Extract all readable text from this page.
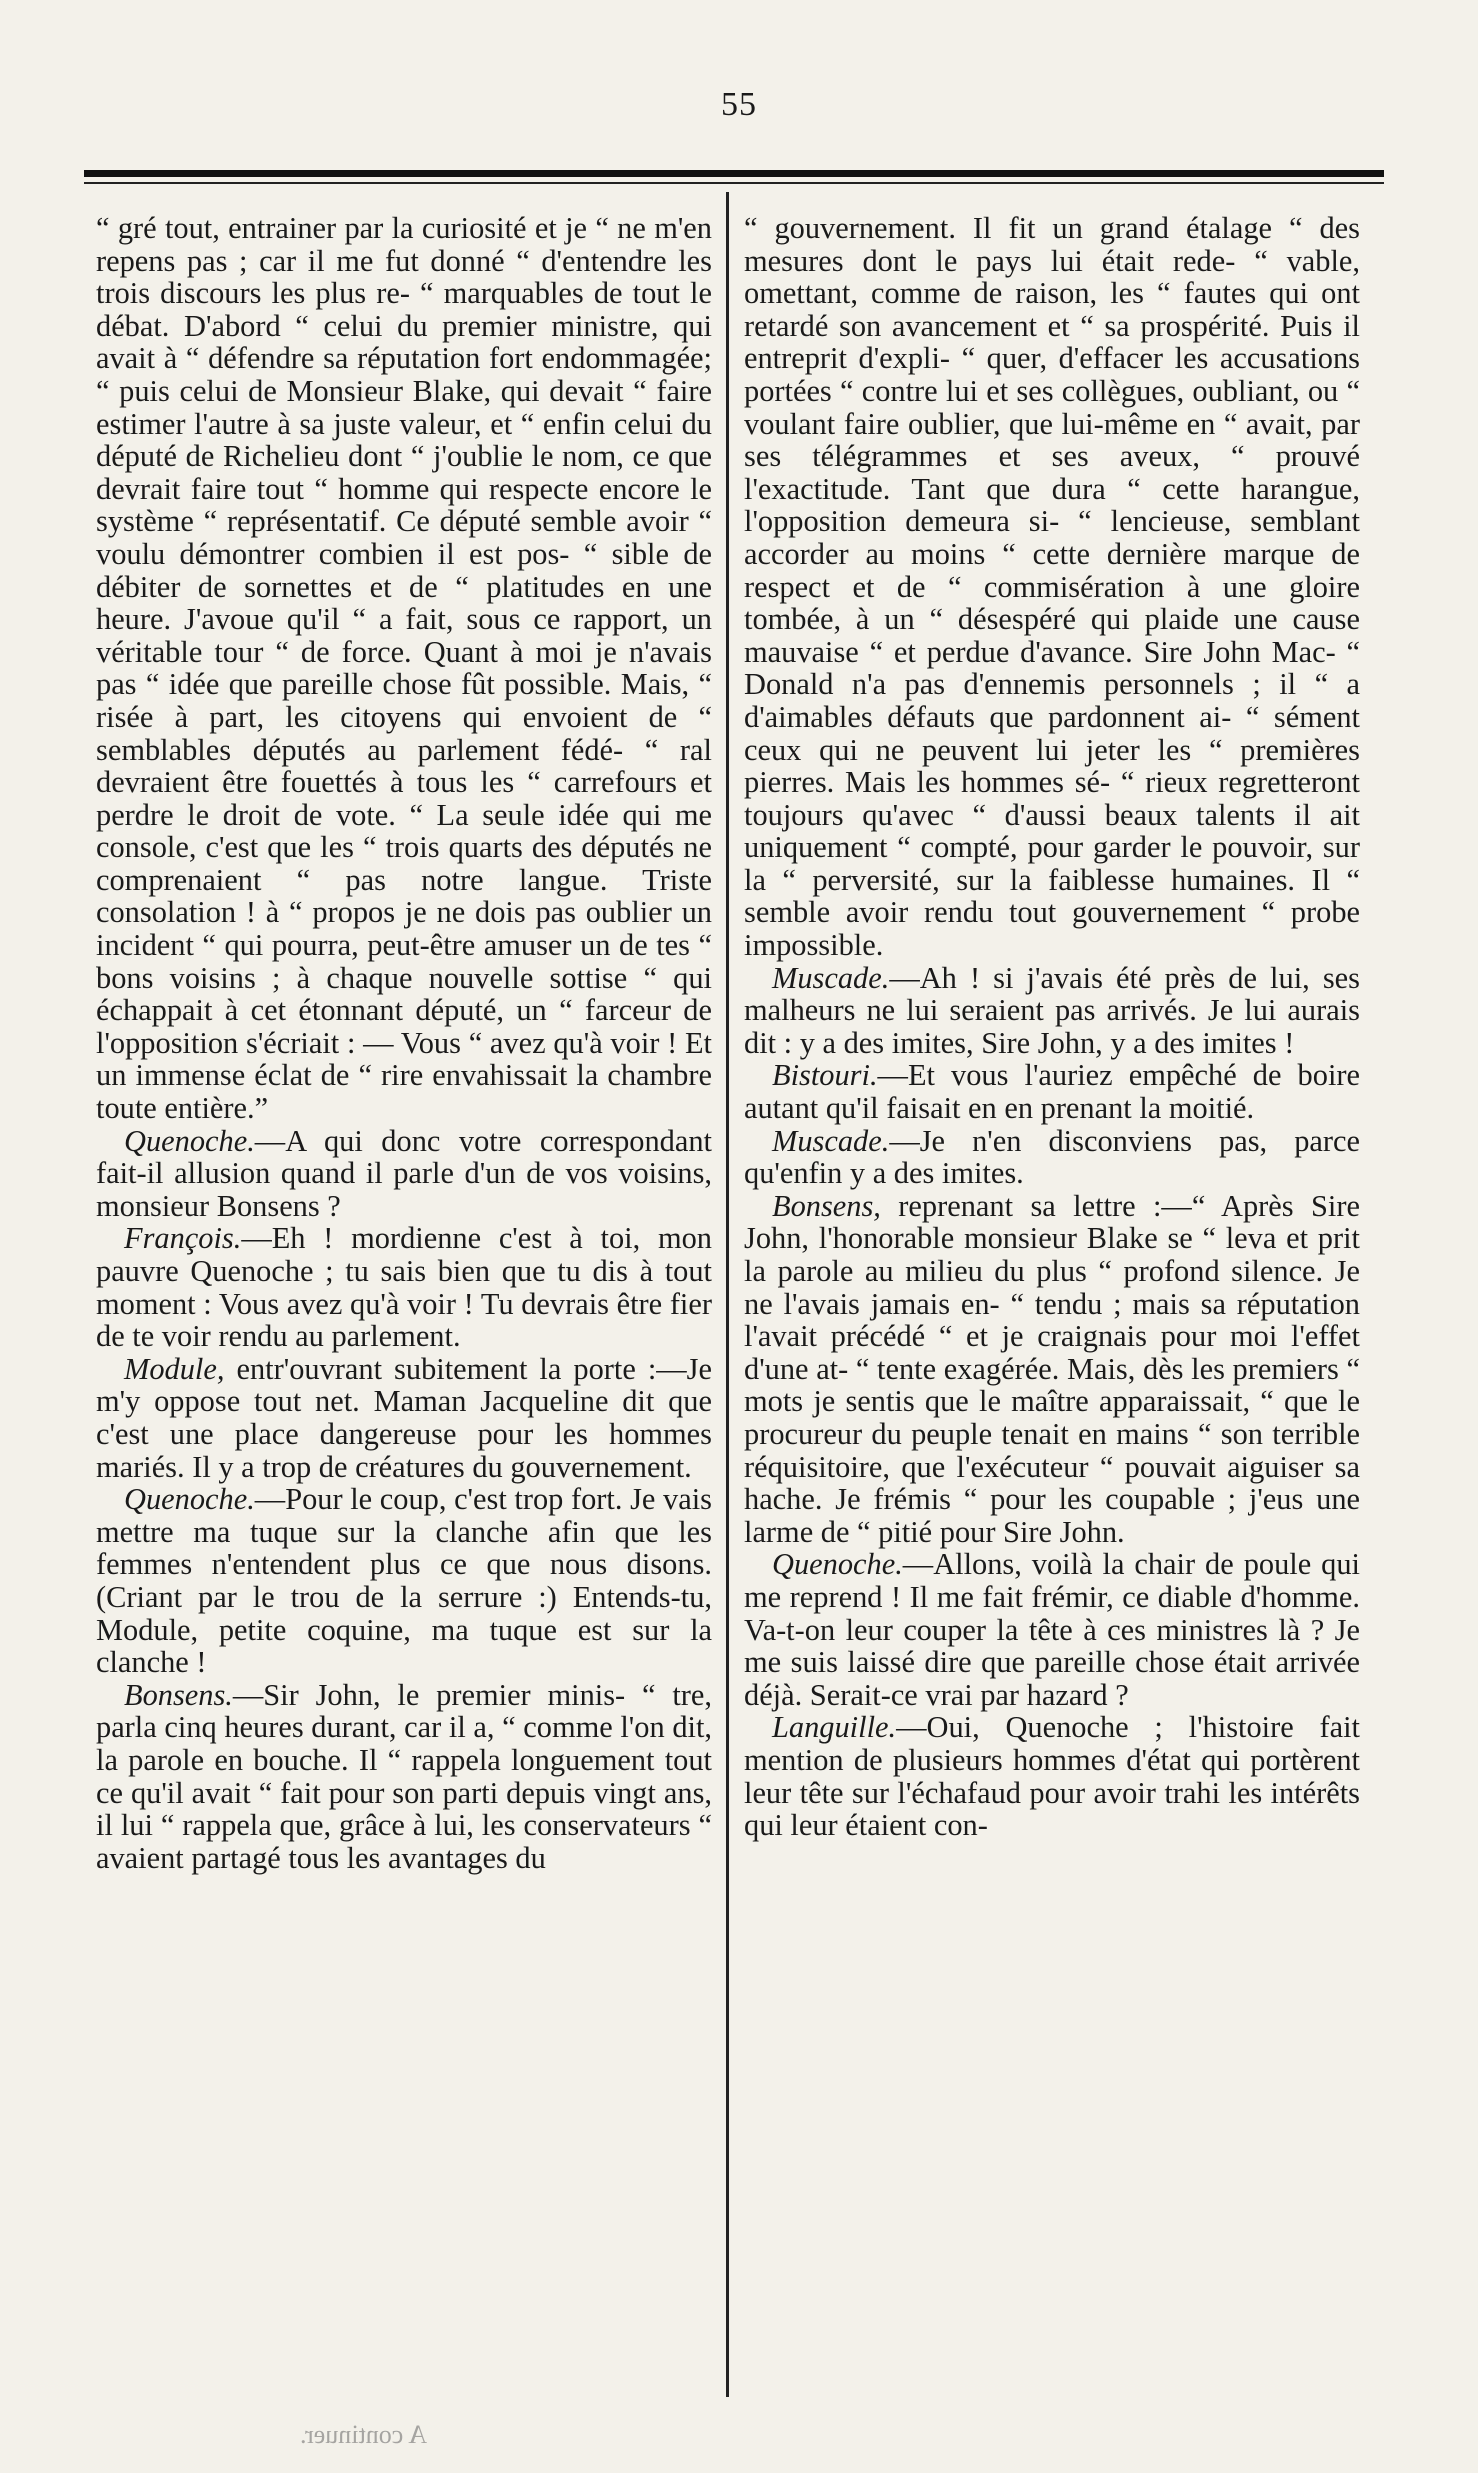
55

“ gré tout, entrainer par la curiosité et je “ ne m'en repens pas ; car il me fut donné “ d'entendre les trois discours les plus re- “ marquables de tout le débat. D'abord “ celui du premier ministre, qui avait à “ défendre sa réputation fort endommagée; “ puis celui de Monsieur Blake, qui devait “ faire estimer l'autre à sa juste valeur, et “ enfin celui du député de Richelieu dont “ j'oublie le nom, ce que devrait faire tout “ homme qui respecte encore le système “ représentatif. Ce député semble avoir “ voulu démontrer combien il est pos- “ sible de débiter de sornettes et de “ platitudes en une heure. J'avoue qu'il “ a fait, sous ce rapport, un véritable tour “ de force. Quant à moi je n'avais pas “ idée que pareille chose fût possible. Mais, “ risée à part, les citoyens qui envoient de “ semblables députés au parlement fédé- “ ral devraient être fouettés à tous les “ carrefours et perdre le droit de vote. “ La seule idée qui me console, c'est que les “ trois quarts des députés ne comprenaient “ pas notre langue. Triste consolation ! à “ propos je ne dois pas oublier un incident “ qui pourra, peut-être amuser un de tes “ bons voisins ; à chaque nouvelle sottise “ qui échappait à cet étonnant député, un “ farceur de l'opposition s'écriait : — Vous “ avez qu'à voir ! Et un immense éclat de “ rire envahissait la chambre toute entière.”

Quenoche.—A qui donc votre correspondant fait-il allusion quand il parle d'un de vos voisins, monsieur Bonsens ?

François.—Eh ! mordienne c'est à toi, mon pauvre Quenoche ; tu sais bien que tu dis à tout moment : Vous avez qu'à voir ! Tu devrais être fier de te voir rendu au parlement.

Module, entr'ouvrant subitement la porte :—Je m'y oppose tout net. Maman Jacqueline dit que c'est une place dangereuse pour les hommes mariés. Il y a trop de créatures du gouvernement.

Quenoche.—Pour le coup, c'est trop fort. Je vais mettre ma tuque sur la clanche afin que les femmes n'entendent plus ce que nous disons. (Criant par le trou de la serrure :) Entends-tu, Module, petite coquine, ma tuque est sur la clanche !

Bonsens.—Sir John, le premier minis- “ tre, parla cinq heures durant, car il a, “ comme l'on dit, la parole en bouche. Il “ rappela longuement tout ce qu'il avait “ fait pour son parti depuis vingt ans, il lui “ rappela que, grâce à lui, les conservateurs “ avaient partagé tous les avantages du

“ gouvernement. Il fit un grand étalage “ des mesures dont le pays lui était rede- “ vable, omettant, comme de raison, les “ fautes qui ont retardé son avancement et “ sa prospérité. Puis il entreprit d'expli- “ quer, d'effacer les accusations portées “ contre lui et ses collègues, oubliant, ou “ voulant faire oublier, que lui-même en “ avait, par ses télégrammes et ses aveux, “ prouvé l'exactitude. Tant que dura “ cette harangue, l'opposition demeura si- “ lencieuse, semblant accorder au moins “ cette dernière marque de respect et de “ commisération à une gloire tombée, à un “ désespéré qui plaide une cause mauvaise “ et perdue d'avance. Sire John Mac- “ Donald n'a pas d'ennemis personnels ; il “ a d'aimables défauts que pardonnent ai- “ sément ceux qui ne peuvent lui jeter les “ premières pierres. Mais les hommes sé- “ rieux regretteront toujours qu'avec “ d'aussi beaux talents il ait uniquement “ compté, pour garder le pouvoir, sur la “ perversité, sur la faiblesse humaines. Il “ semble avoir rendu tout gouvernement “ probe impossible.

Muscade.—Ah ! si j'avais été près de lui, ses malheurs ne lui seraient pas arrivés. Je lui aurais dit : y a des imites, Sire John, y a des imites !

Bistouri.—Et vous l'auriez empêché de boire autant qu'il faisait en en prenant la moitié.

Muscade.—Je n'en disconviens pas, parce qu'enfin y a des imites.

Bonsens, reprenant sa lettre :—“ Après Sire John, l'honorable monsieur Blake se “ leva et prit la parole au milieu du plus “ profond silence. Je ne l'avais jamais en- “ tendu ; mais sa réputation l'avait précédé “ et je craignais pour moi l'effet d'une at- “ tente exagérée. Mais, dès les premiers “ mots je sentis que le maître apparaissait, “ que le procureur du peuple tenait en mains “ son terrible réquisitoire, que l'exécuteur “ pouvait aiguiser sa hache. Je frémis “ pour les coupable ; j'eus une larme de “ pitié pour Sire John.

Quenoche.—Allons, voilà la chair de poule qui me reprend ! Il me fait frémir, ce diable d'homme. Va-t-on leur couper la tête à ces ministres là ? Je me suis laissé dire que pareille chose était arrivée déjà. Serait-ce vrai par hazard ?

Languille.—Oui, Quenoche ; l'histoire fait mention de plusieurs hommes d'état qui portèrent leur tête sur l'échafaud pour avoir trahi les intérêts qui leur étaient con-

A continuer.
